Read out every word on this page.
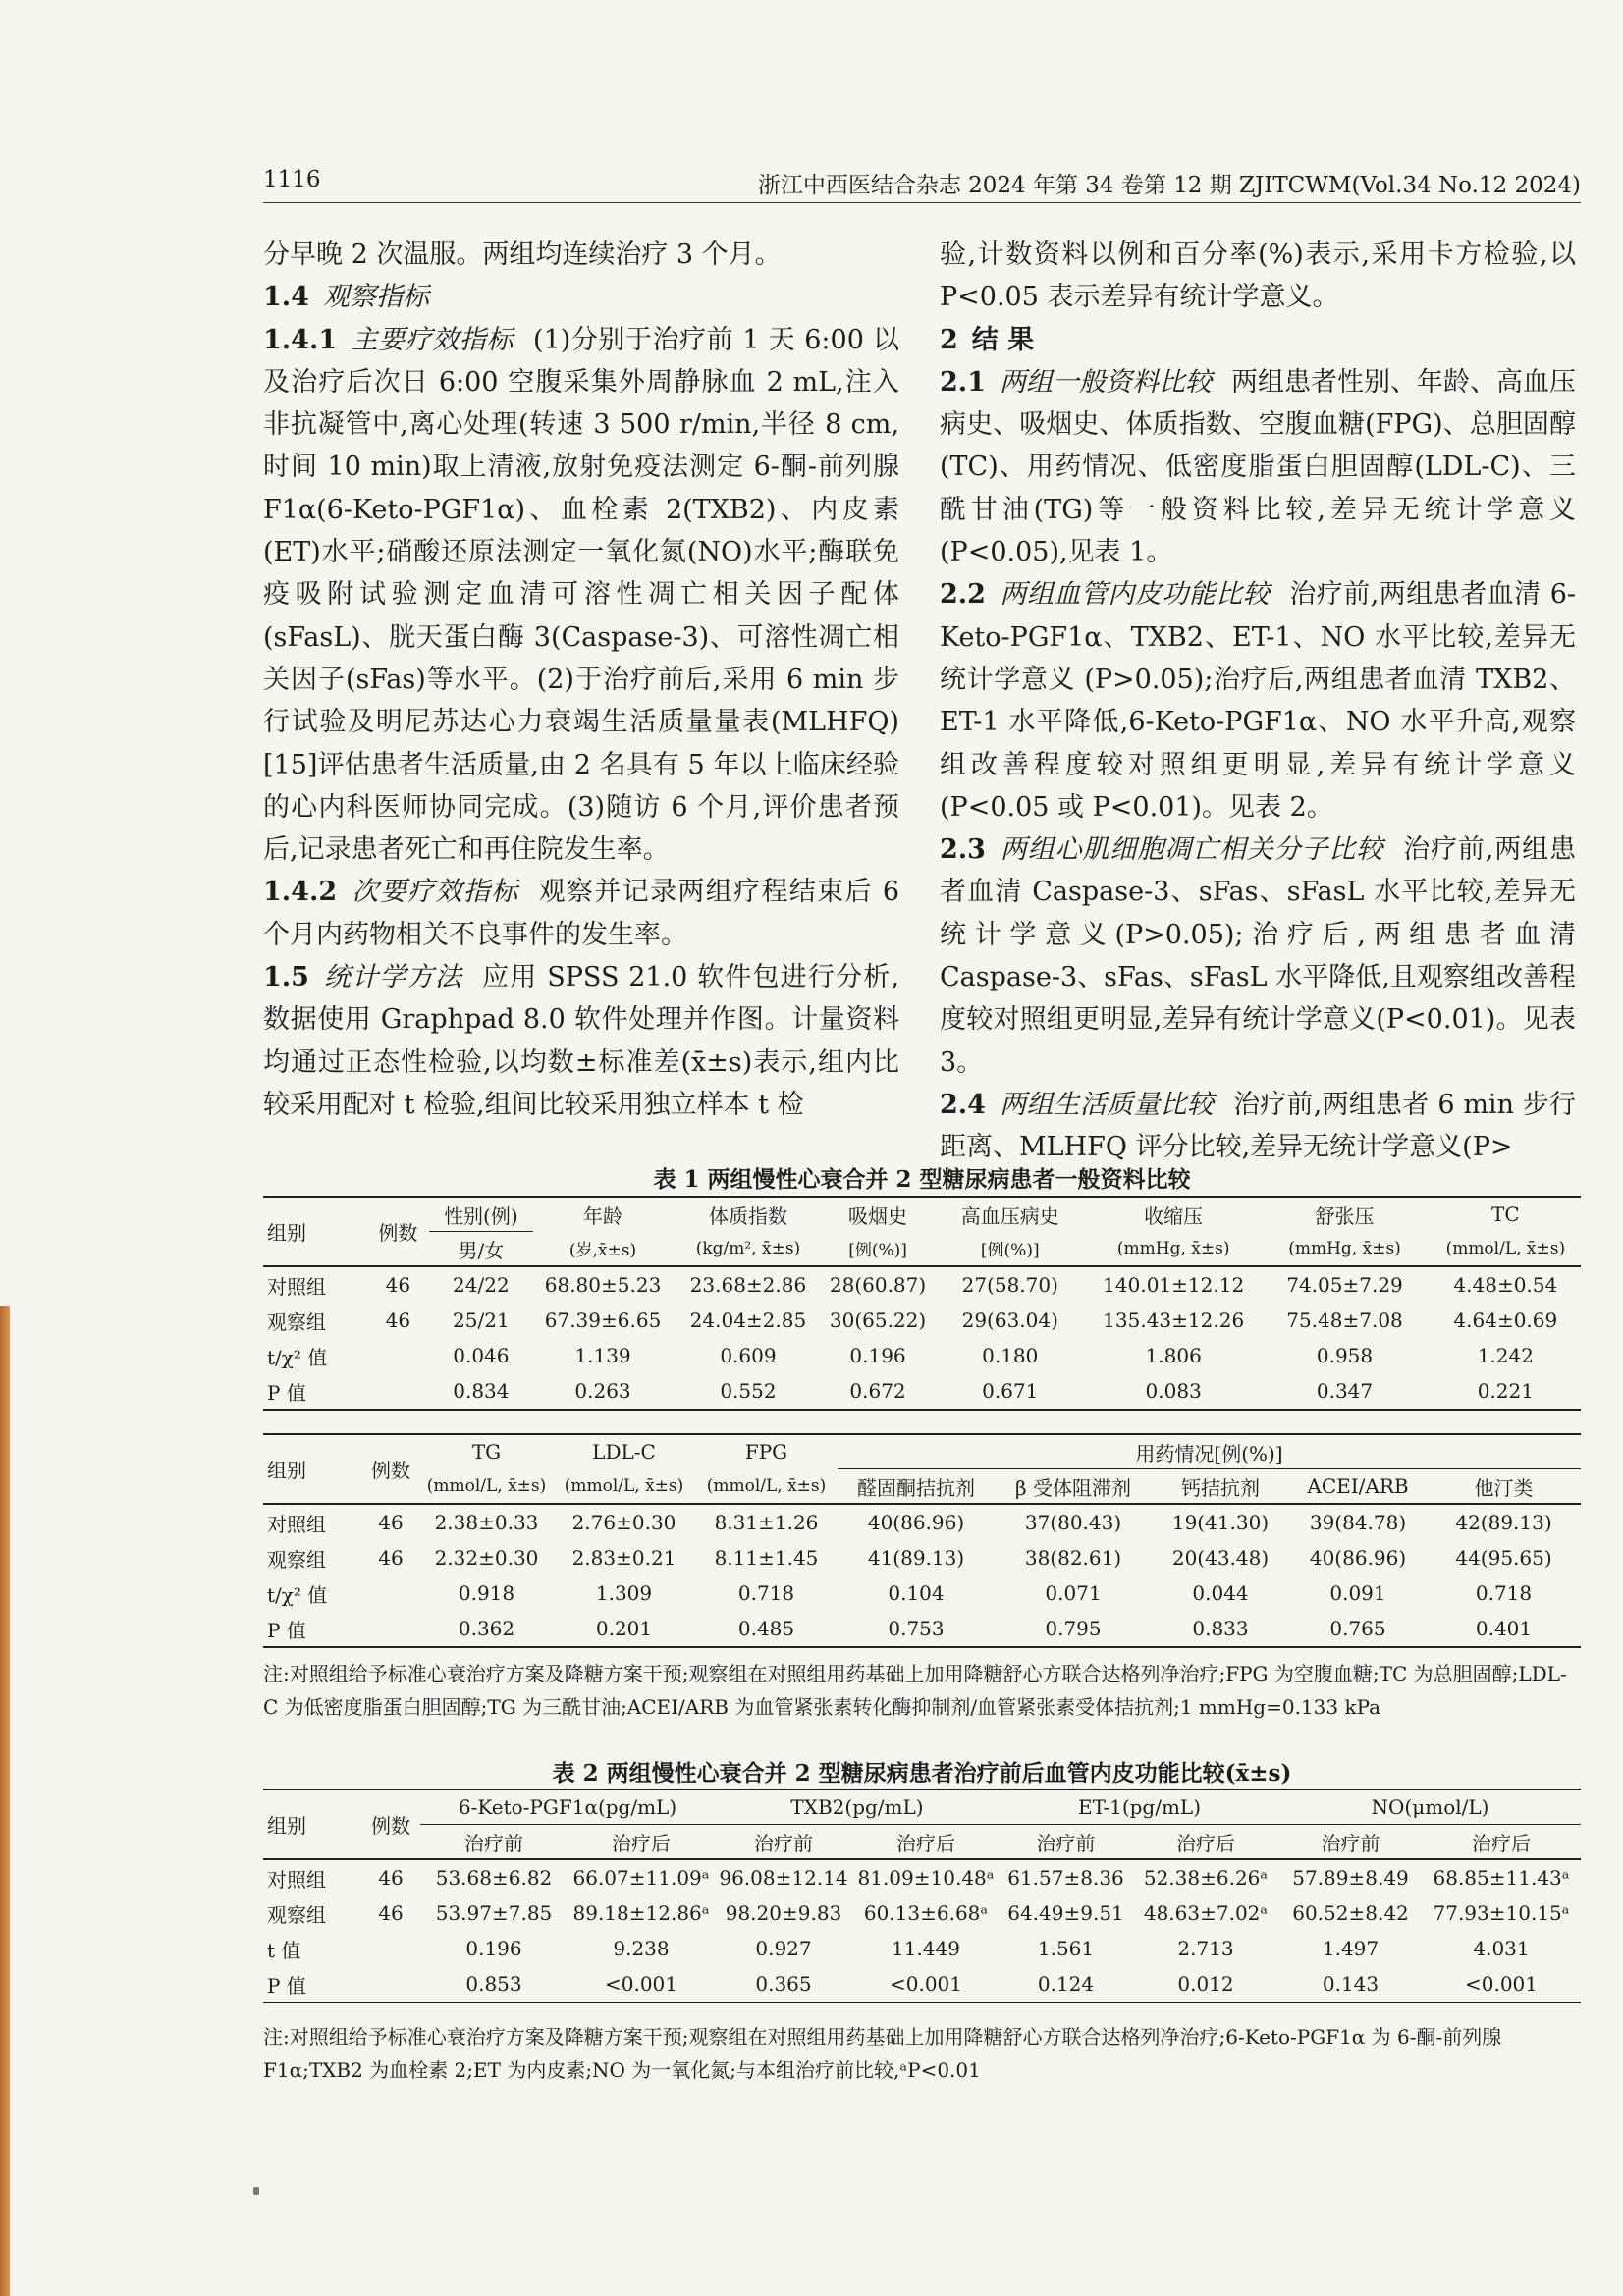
1116	浙江中西医结合杂志 2024 年第 34 卷第 12 期 ZJITCWM(Vol.34 No.12 2024)

分早晚 2 次温服。两组均连续治疗 3 个月。

1.4 观察指标

1.4.1 主要疗效指标 (1)分别于治疗前 1 天 6:00 以及治疗后次日 6:00 空腹采集外周静脉血 2 mL,注入非抗凝管中,离心处理(转速 3 500 r/min,半径 8 cm,时间 10 min)取上清液,放射免疫法测定 6-酮-前列腺 F1α(6-Keto-PGF1α)、血栓素 2(TXB2)、内皮素(ET)水平;硝酸还原法测定一氧化氮(NO)水平;酶联免疫吸附试验测定血清可溶性凋亡相关因子配体(sFasL)、胱天蛋白酶 3(Caspase-3)、可溶性凋亡相关因子(sFas)等水平。(2)于治疗前后,采用 6 min 步行试验及明尼苏达心力衰竭生活质量量表(MLHFQ)[15]评估患者生活质量,由 2 名具有 5 年以上临床经验的心内科医师协同完成。(3)随访 6 个月,评价患者预后,记录患者死亡和再住院发生率。

1.4.2 次要疗效指标 观察并记录两组疗程结束后 6 个月内药物相关不良事件的发生率。

1.5 统计学方法 应用 SPSS 21.0 软件包进行分析,数据使用 Graphpad 8.0 软件处理并作图。计量资料均通过正态性检验,以均数±标准差(x̄±s)表示,组内比较采用配对 t 检验,组间比较采用独立样本 t 检

验,计数资料以例和百分率(%)表示,采用卡方检验,以 P<0.05 表示差异有统计学意义。

2 结 果

2.1 两组一般资料比较 两组患者性别、年龄、高血压病史、吸烟史、体质指数、空腹血糖(FPG)、总胆固醇(TC)、用药情况、低密度脂蛋白胆固醇(LDL-C)、三酰甘油(TG)等一般资料比较,差异无统计学意义(P<0.05),见表 1。

2.2 两组血管内皮功能比较 治疗前,两组患者血清 6-Keto-PGF1α、TXB2、ET-1、NO 水平比较,差异无统计学意义 (P>0.05);治疗后,两组患者血清 TXB2、ET-1 水平降低,6-Keto-PGF1α、NO 水平升高,观察组改善程度较对照组更明显,差异有统计学意义(P<0.05 或 P<0.01)。见表 2。

2.3 两组心肌细胞凋亡相关分子比较 治疗前,两组患者血清 Caspase-3、sFas、sFasL 水平比较,差异无统计学意义(P>0.05);治疗后,两组患者血清 Caspase-3、sFas、sFasL 水平降低,且观察组改善程度较对照组更明显,差异有统计学意义(P<0.01)。见表 3。

2.4 两组生活质量比较 治疗前,两组患者 6 min 步行距离、MLHFQ 评分比较,差异无统计学意义(P>

表 1 两组慢性心衰合并 2 型糖尿病患者一般资料比较
组别	例数	性别(例)	年龄	体质指数	吸烟史	高血压病史	收缩压	舒张压	TC
		男/女	(岁,x̄±s)	(kg/m², x̄±s)	[例(%)]	[例(%)]	(mmHg, x̄±s)	(mmHg, x̄±s)	(mmol/L, x̄±s)
对照组	46	24/22	68.80±5.23	23.68±2.86	28(60.87)	27(58.70)	140.01±12.12	74.05±7.29	4.48±0.54
观察组	46	25/21	67.39±6.65	24.04±2.85	30(65.22)	29(63.04)	135.43±12.26	75.48±7.08	4.64±0.69
t/χ² 值		0.046	1.139	0.609	0.196	0.180	1.806	0.958	1.242
P 值		0.834	0.263	0.552	0.672	0.671	0.083	0.347	0.221
组别	例数	TG	LDL-C	FPG	用药情况[例(%)]				
		(mmol/L, x̄±s)	(mmol/L, x̄±s)	(mmol/L, x̄±s)	醛固酮拮抗剂	β 受体阻滞剂	钙拮抗剂	ACEI/ARB	他汀类
对照组	46	2.38±0.33	2.76±0.30	8.31±1.26	40(86.96)	37(80.43)	19(41.30)	39(84.78)	42(89.13)
观察组	46	2.32±0.30	2.83±0.21	8.11±1.45	41(89.13)	38(82.61)	20(43.48)	40(86.96)	44(95.65)
t/χ² 值		0.918	1.309	0.718	0.104	0.071	0.044	0.091	0.718
P 值		0.362	0.201	0.485	0.753	0.795	0.833	0.765	0.401
注:对照组给予标准心衰治疗方案及降糖方案干预;观察组在对照组用药基础上加用降糖舒心方联合达格列净治疗;FPG 为空腹血糖;TC 为总胆固醇;LDL-C 为低密度脂蛋白胆固醇;TG 为三酰甘油;ACEI/ARB 为血管紧张素转化酶抑制剂/血管紧张素受体拮抗剂;1 mmHg=0.133 kPa
表 2 两组慢性心衰合并 2 型糖尿病患者治疗前后血管内皮功能比较(x̄±s)
组别	例数	6-Keto-PGF1α(pg/mL)		TXB2(pg/mL)		ET-1(pg/mL)		NO(μmol/L)	
		治疗前	治疗后	治疗前	治疗后	治疗前	治疗后	治疗前	治疗后
对照组	46	53.68±6.82	66.07±11.09ᵃ	96.08±12.14	81.09±10.48ᵃ	61.57±8.36	52.38±6.26ᵃ	57.89±8.49	68.85±11.43ᵃ
观察组	46	53.97±7.85	89.18±12.86ᵃ	98.20±9.83	60.13±6.68ᵃ	64.49±9.51	48.63±7.02ᵃ	60.52±8.42	77.93±10.15ᵃ
t 值		0.196	9.238	0.927	11.449	1.561	2.713	1.497	4.031
P 值		0.853	<0.001	0.365	<0.001	0.124	0.012	0.143	<0.001
注:对照组给予标准心衰治疗方案及降糖方案干预;观察组在对照组用药基础上加用降糖舒心方联合达格列净治疗;6-Keto-PGF1α 为 6-酮-前列腺 F1α;TXB2 为血栓素 2;ET 为内皮素;NO 为一氧化氮;与本组治疗前比较,ᵃP<0.01
